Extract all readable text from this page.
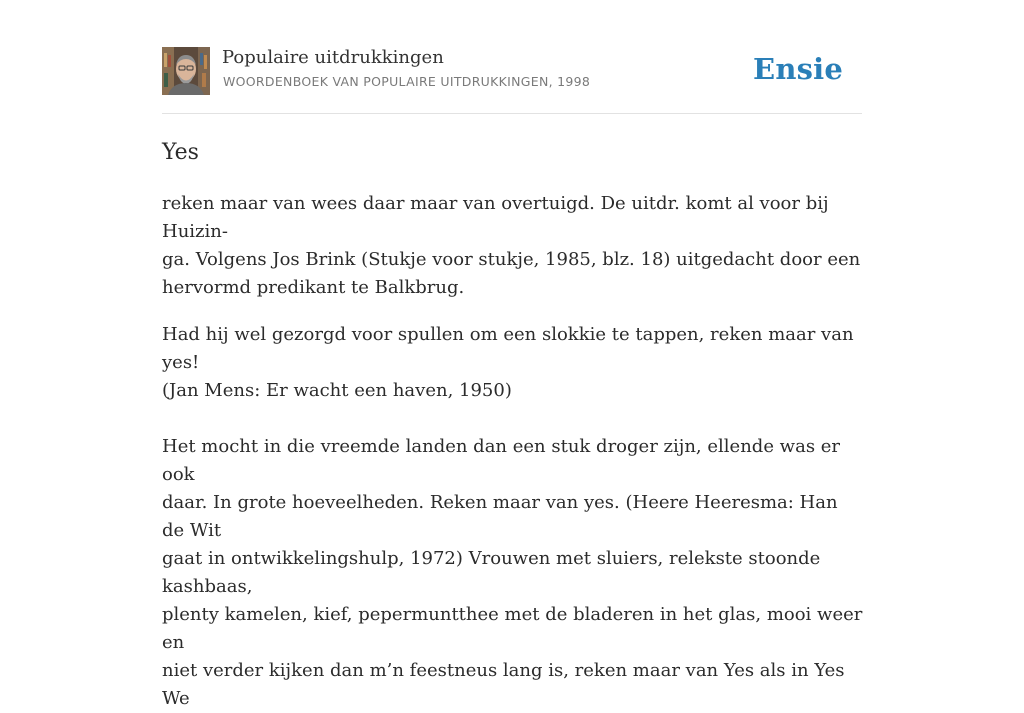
Populaire uitdrukkingen
WOORDENBOEK VAN POPULAIRE UITDRUKKINGEN, 1998	Ensie
Yes

reken maar van wees daar maar van overtuigd. De uitdr. komt al voor bij Huizin-
ga. Volgens Jos Brink (Stukje voor stukje, 1985, blz. 18) uitgedacht door een
hervormd predikant te Balkbrug.

Had hij wel gezorgd voor spullen om een slokkie te tappen, reken maar van yes!
(Jan Mens: Er wacht een haven, 1950)

Het mocht in die vreemde landen dan een stuk droger zijn, ellende was er ook
daar. In grote hoeveelheden. Reken maar van yes. (Heere Heeresma: Han de Wit
gaat in ontwikkelingshulp, 1972) Vrouwen met sluiers, relekste stoonde kashbaas,
plenty kamelen, kief, pepermuntthee met de bladeren in het glas, mooi weer en
niet verder kijken dan m’n feestneus lang is, reken maar van Yes als in Yes We
